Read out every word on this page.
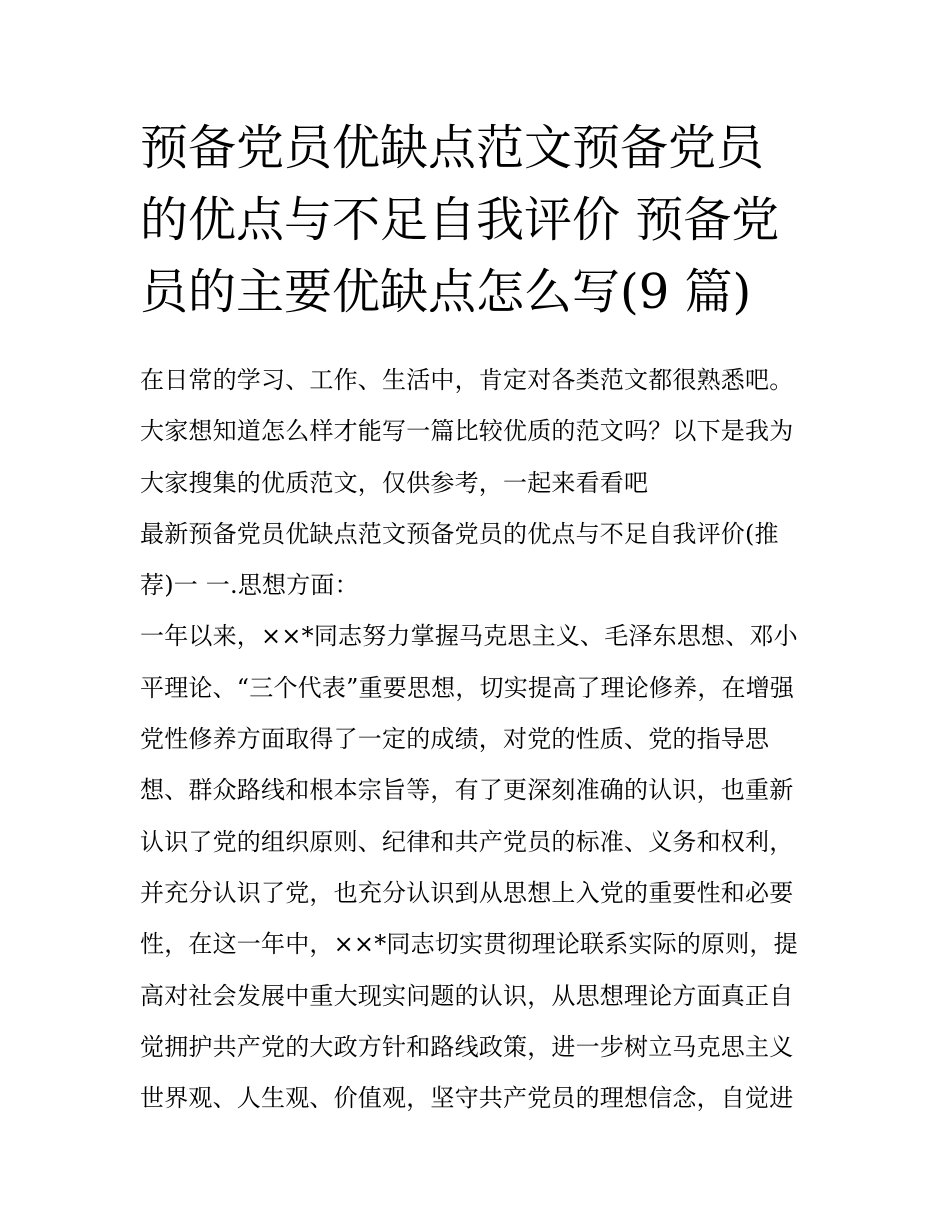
预备党员优缺点范文预备党员
的优点与不足自我评价 预备党
员的主要优缺点怎么写(9 篇)
在日常的学习、工作、生活中，肯定对各类范文都很熟悉吧。
大家想知道怎么样才能写一篇比较优质的范文吗？以下是我为
大家搜集的优质范文，仅供参考，一起来看看吧
最新预备党员优缺点范文预备党员的优点与不足自我评价(推
荐)一 一.思想方面：
一年以来，××*同志努力掌握马克思主义、毛泽东思想、邓小
平理论、“三个代表”重要思想，切实提高了理论修养，在增强
党性修养方面取得了一定的成绩，对党的性质、党的指导思
想、群众路线和根本宗旨等，有了更深刻准确的认识，也重新
认识了党的组织原则、纪律和共产党员的标准、义务和权利，
并充分认识了党，也充分认识到从思想上入党的重要性和必要
性，在这一年中，××*同志切实贯彻理论联系实际的原则，提
高对社会发展中重大现实问题的认识，从思想理论方面真正自
觉拥护共产党的大政方针和路线政策，进一步树立马克思主义
世界观、人生观、价值观，坚守共产党员的理想信念，自觉进
